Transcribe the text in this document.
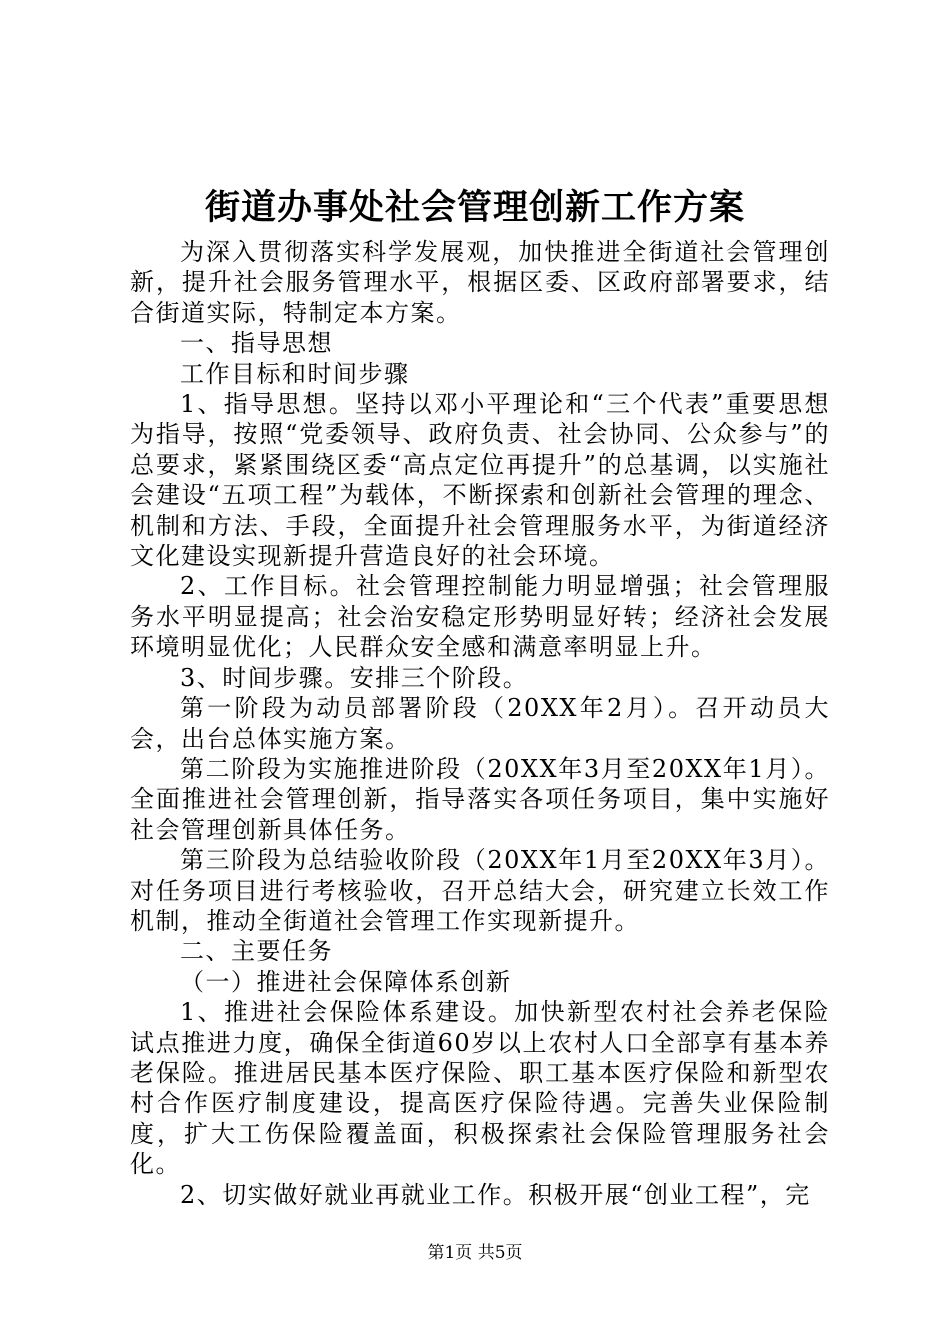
街道办事处社会管理创新工作方案

为深入贯彻落实科学发展观，加快推进全街道社会管理创新，提升社会服务管理水平，根据区委、区政府部署要求，结合街道实际，特制定本方案。

一、指导思想

工作目标和时间步骤

1、指导思想。坚持以邓小平理论和“三个代表”重要思想为指导，按照“党委领导、政府负责、社会协同、公众参与”的总要求，紧紧围绕区委“高点定位再提升”的总基调，以实施社会建设“五项工程”为载体，不断探索和创新社会管理的理念、机制和方法、手段，全面提升社会管理服务水平，为街道经济文化建设实现新提升营造良好的社会环境。

2、工作目标。社会管理控制能力明显增强；社会管理服务水平明显提高；社会治安稳定形势明显好转；经济社会发展环境明显优化；人民群众安全感和满意率明显上升。

3、时间步骤。安排三个阶段。

第一阶段为动员部署阶段（20XX年2月）。召开动员大会，出台总体实施方案。

第二阶段为实施推进阶段（20XX年3月至20XX年1月）。全面推进社会管理创新，指导落实各项任务项目，集中实施好社会管理创新具体任务。

第三阶段为总结验收阶段（20XX年1月至20XX年3月）。对任务项目进行考核验收，召开总结大会，研究建立长效工作机制，推动全街道社会管理工作实现新提升。

二、主要任务

（一）推进社会保障体系创新

1、推进社会保险体系建设。加快新型农村社会养老保险试点推进力度，确保全街道60岁以上农村人口全部享有基本养老保险。推进居民基本医疗保险、职工基本医疗保险和新型农村合作医疗制度建设，提高医疗保险待遇。完善失业保险制度，扩大工伤保险覆盖面，积极探索社会保险管理服务社会化。

2、切实做好就业再就业工作。积极开展“创业工程”，完

第1页 共5页
